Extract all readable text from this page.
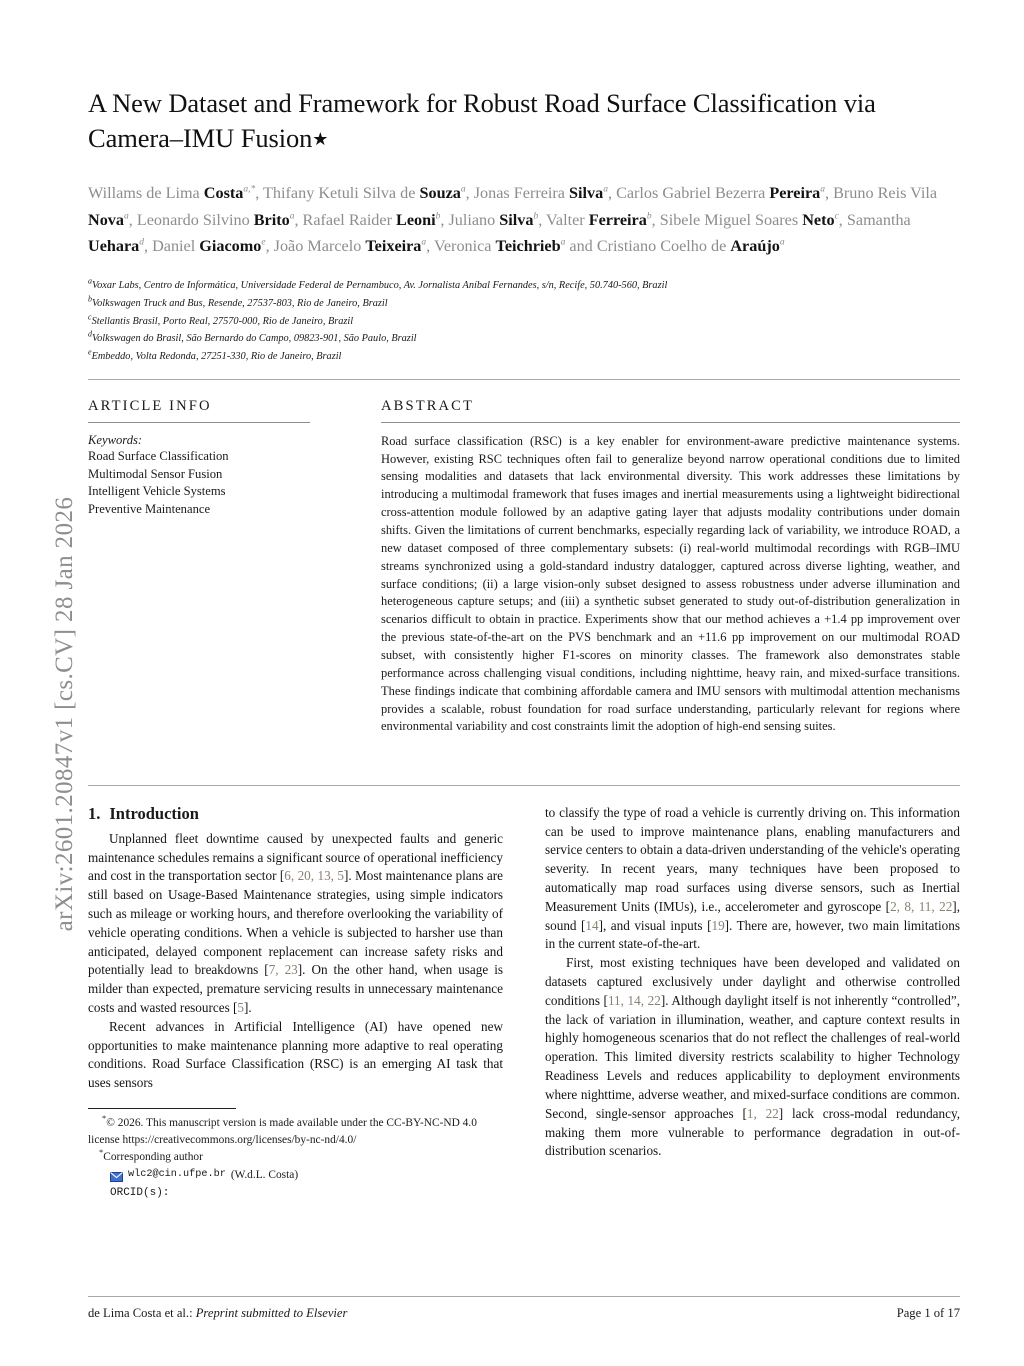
arXiv:2601.20847v1 [cs.CV] 28 Jan 2026
A New Dataset and Framework for Robust Road Surface Classification via Camera–IMU Fusion★
Willams de Lima Costa$^{a,*}$, Thifany Ketuli Silva de Souza$^a$, Jonas Ferreira Silva$^a$, Carlos Gabriel Bezerra Pereira$^a$, Bruno Reis Vila Nova$^a$, Leonardo Silvino Brito$^a$, Rafael Raider Leoni$^b$, Juliano Silva$^b$, Valter Ferreira$^b$, Sibele Miguel Soares Neto$^c$, Samantha Uehara$^d$, Daniel Giacomo$^e$, João Marcelo Teixeira$^a$, Veronica Teichrieb$^a$ and Cristiano Coelho de Araújo$^a$
$^a$Voxar Labs, Centro de Informática, Universidade Federal de Pernambuco, Av. Jornalista Aníbal Fernandes, s/n, Recife, 50.740-560, Brazil
$^b$Volkswagen Truck and Bus, Resende, 27537-803, Rio de Janeiro, Brazil
$^c$Stellantis Brasil, Porto Real, 27570-000, Rio de Janeiro, Brazil
$^d$Volkswagen do Brasil, São Bernardo do Campo, 09823-901, São Paulo, Brazil
$^e$Embeddo, Volta Redonda, 27251-330, Rio de Janeiro, Brazil
ARTICLE INFO
Keywords:
Road Surface Classification
Multimodal Sensor Fusion
Intelligent Vehicle Systems
Preventive Maintenance
ABSTRACT

Road surface classification (RSC) is a key enabler for environment-aware predictive maintenance systems. However, existing RSC techniques often fail to generalize beyond narrow operational conditions due to limited sensing modalities and datasets that lack environmental diversity. This work addresses these limitations by introducing a multimodal framework that fuses images and inertial measurements using a lightweight bidirectional cross-attention module followed by an adaptive gating layer that adjusts modality contributions under domain shifts. Given the limitations of current benchmarks, especially regarding lack of variability, we introduce ROAD, a new dataset composed of three complementary subsets: (i) real-world multimodal recordings with RGB–IMU streams synchronized using a gold-standard industry datalogger, captured across diverse lighting, weather, and surface conditions; (ii) a large vision-only subset designed to assess robustness under adverse illumination and heterogeneous capture setups; and (iii) a synthetic subset generated to study out-of-distribution generalization in scenarios difficult to obtain in practice. Experiments show that our method achieves a +1.4 pp improvement over the previous state-of-the-art on the PVS benchmark and an +11.6 pp improvement on our multimodal ROAD subset, with consistently higher F1-scores on minority classes. The framework also demonstrates stable performance across challenging visual conditions, including nighttime, heavy rain, and mixed-surface transitions. These findings indicate that combining affordable camera and IMU sensors with multimodal attention mechanisms provides a scalable, robust foundation for road surface understanding, particularly relevant for regions where environmental variability and cost constraints limit the adoption of high-end sensing suites.

1. Introduction

Unplanned fleet downtime caused by unexpected faults and generic maintenance schedules remains a significant source of operational inefficiency and cost in the transportation sector [6, 20, 13, 5]. Most maintenance plans are still based on Usage-Based Maintenance strategies, using simple indicators such as mileage or working hours, and therefore overlooking the variability of vehicle operating conditions. When a vehicle is subjected to harsher use than anticipated, delayed component replacement can increase safety risks and potentially lead to breakdowns [7, 23]. On the other hand, when usage is milder than expected, premature servicing results in unnecessary maintenance costs and wasted resources [5].

Recent advances in Artificial Intelligence (AI) have opened new opportunities to make maintenance planning more adaptive to real operating conditions. Road Surface Classification (RSC) is an emerging AI task that uses sensors

*© 2026. This manuscript version is made available under the CC-BY-NC-ND 4.0 license https://creativecommons.org/licenses/by-nc-nd/4.0/
*Corresponding author
wlc2@cin.ufpe.br (W.d.L. Costa)
ORCID(s):

to classify the type of road a vehicle is currently driving on. This information can be used to improve maintenance plans, enabling manufacturers and service centers to obtain a data-driven understanding of the vehicle's operating severity. In recent years, many techniques have been proposed to automatically map road surfaces using diverse sensors, such as Inertial Measurement Units (IMUs), i.e., accelerometer and gyroscope [2, 8, 11, 22], sound [14], and visual inputs [19]. There are, however, two main limitations in the current state-of-the-art.

First, most existing techniques have been developed and validated on datasets captured exclusively under daylight and otherwise controlled conditions [11, 14, 22]. Although daylight itself is not inherently “controlled”, the lack of variation in illumination, weather, and capture context results in highly homogeneous scenarios that do not reflect the challenges of real-world operation. This limited diversity restricts scalability to higher Technology Readiness Levels and reduces applicability to deployment environments where nighttime, adverse weather, and mixed-surface conditions are common. Second, single-sensor approaches [1, 22] lack cross-modal redundancy, making them more vulnerable to performance degradation in out-of-distribution scenarios.

de Lima Costa et al.: Preprint submitted to Elsevier	Page 1 of 17
